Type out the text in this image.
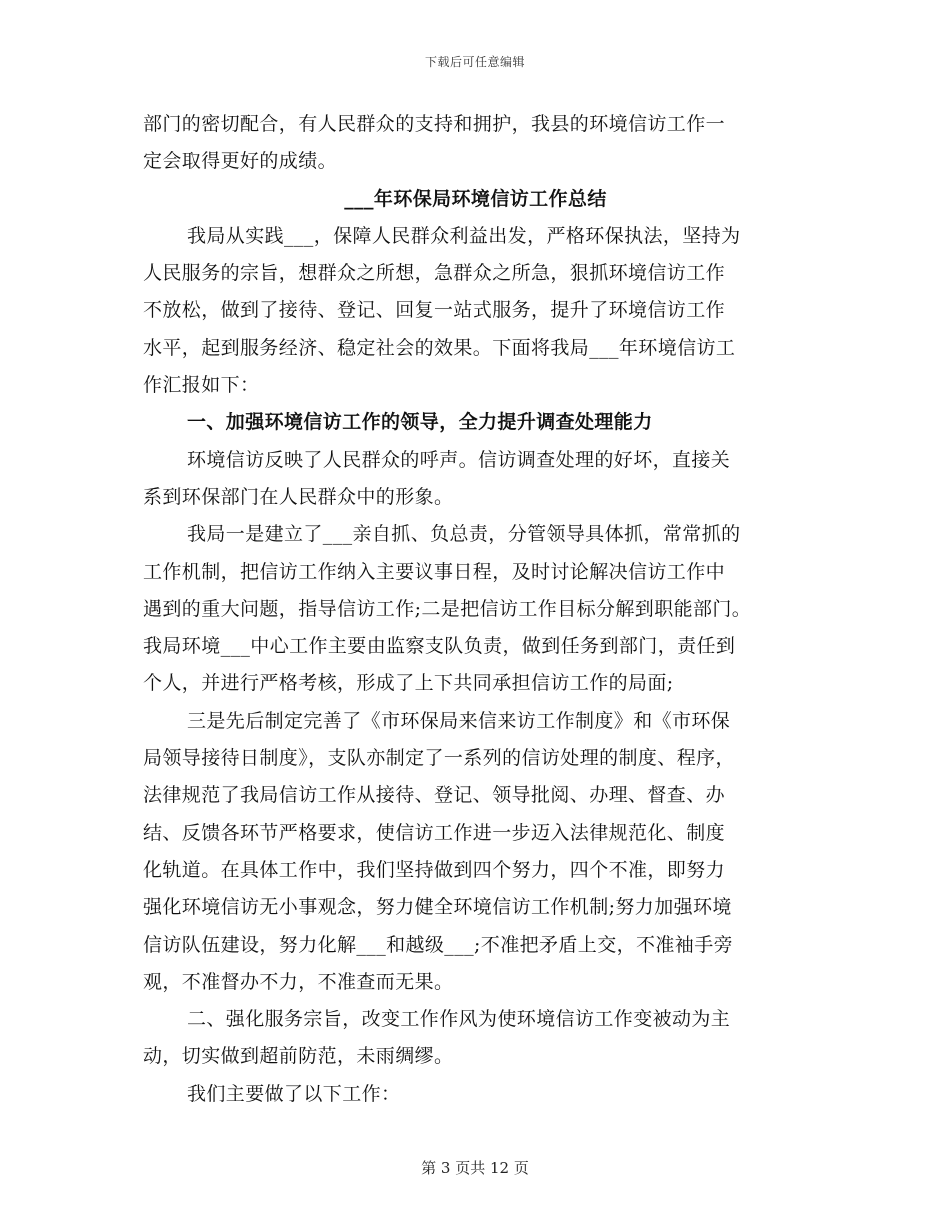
下载后可任意编辑
部门的密切配合，有人民群众的支持和拥护，我县的环境信访工作一
定会取得更好的成绩。
___年环保局环境信访工作总结
我局从实践___，保障人民群众利益出发，严格环保执法，坚持为
人民服务的宗旨，想群众之所想，急群众之所急，狠抓环境信访工作
不放松，做到了接待、登记、回复一站式服务，提升了环境信访工作
水平，起到服务经济、稳定社会的效果。下面将我局___年环境信访工
作汇报如下：
一、加强环境信访工作的领导，全力提升调查处理能力
环境信访反映了人民群众的呼声。信访调查处理的好坏，直接关
系到环保部门在人民群众中的形象。
我局一是建立了___亲自抓、负总责，分管领导具体抓，常常抓的
工作机制，把信访工作纳入主要议事日程，及时讨论解决信访工作中
遇到的重大问题，指导信访工作;二是把信访工作目标分解到职能部门。
我局环境___中心工作主要由监察支队负责，做到任务到部门，责任到
个人，并进行严格考核，形成了上下共同承担信访工作的局面;
三是先后制定完善了《市环保局来信来访工作制度》和《市环保
局领导接待日制度》，支队亦制定了一系列的信访处理的制度、程序，
法律规范了我局信访工作从接待、登记、领导批阅、办理、督查、办
结、反馈各环节严格要求，使信访工作进一步迈入法律规范化、制度
化轨道。在具体工作中，我们坚持做到四个努力，四个不准，即努力
强化环境信访无小事观念，努力健全环境信访工作机制;努力加强环境
信访队伍建设，努力化解___和越级___;不准把矛盾上交，不准袖手旁
观，不准督办不力，不准查而无果。
二、强化服务宗旨，改变工作作风为使环境信访工作变被动为主
动，切实做到超前防范，未雨绸缪。
我们主要做了以下工作：
第 3 页共 12 页
